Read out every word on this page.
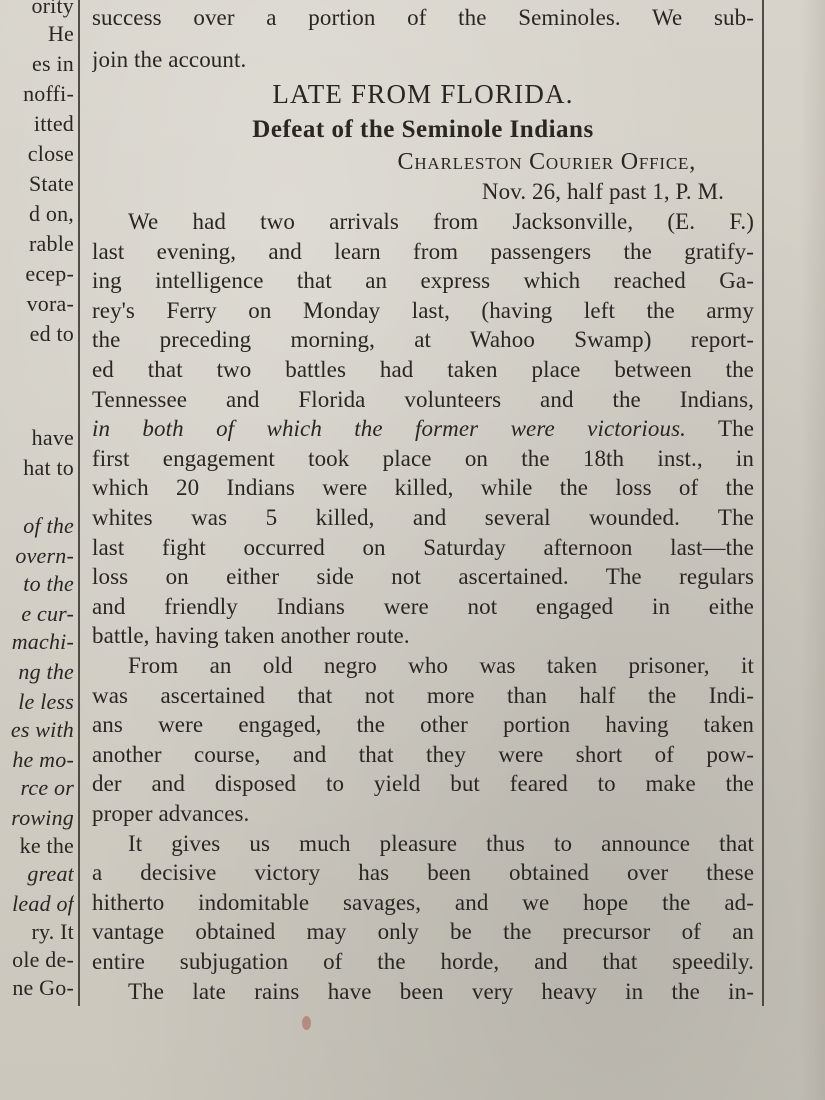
ority
He
es in
noffi-
itted
close
State
d on,
rable
ecep-
vora-
ed to
have
hat to
of the
overn-
to the
e cur-
machi-
ng the
le less
es with
he mo-
rce or
rowing
ke the
great
lead of
ry. It
ole de-
ne Go-
success over a portion of the Seminoles. We sub-
join the account.
LATE FROM FLORIDA.
Defeat of the Seminole Indians
Charleston Courier Office,
Nov. 26, half past 1, P. M.
We had two arrivals from Jacksonville, (E. F.)
last evening, and learn from passengers the gratify-
ing intelligence that an express which reached Ga-
rey's Ferry on Monday last, (having left the army
the preceding morning, at Wahoo Swamp) report-
ed that two battles had taken place between the
Tennessee and Florida volunteers and the Indians,
in both of which the former were victorious. The
first engagement took place on the 18th inst., in
which 20 Indians were killed, while the loss of the
whites was 5 killed, and several wounded. The
last fight occurred on Saturday afternoon last—the
loss on either side not ascertained. The regulars
and friendly Indians were not engaged in eithe
battle, having taken another route.
From an old negro who was taken prisoner, it
was ascertained that not more than half the Indi-
ans were engaged, the other portion having taken
another course, and that they were short of pow-
der and disposed to yield but feared to make the
proper advances.
It gives us much pleasure thus to announce that
a decisive victory has been obtained over these
hitherto indomitable savages, and we hope the ad-
vantage obtained may only be the precursor of an
entire subjugation of the horde, and that speedily.
The late rains have been very heavy in the in-
